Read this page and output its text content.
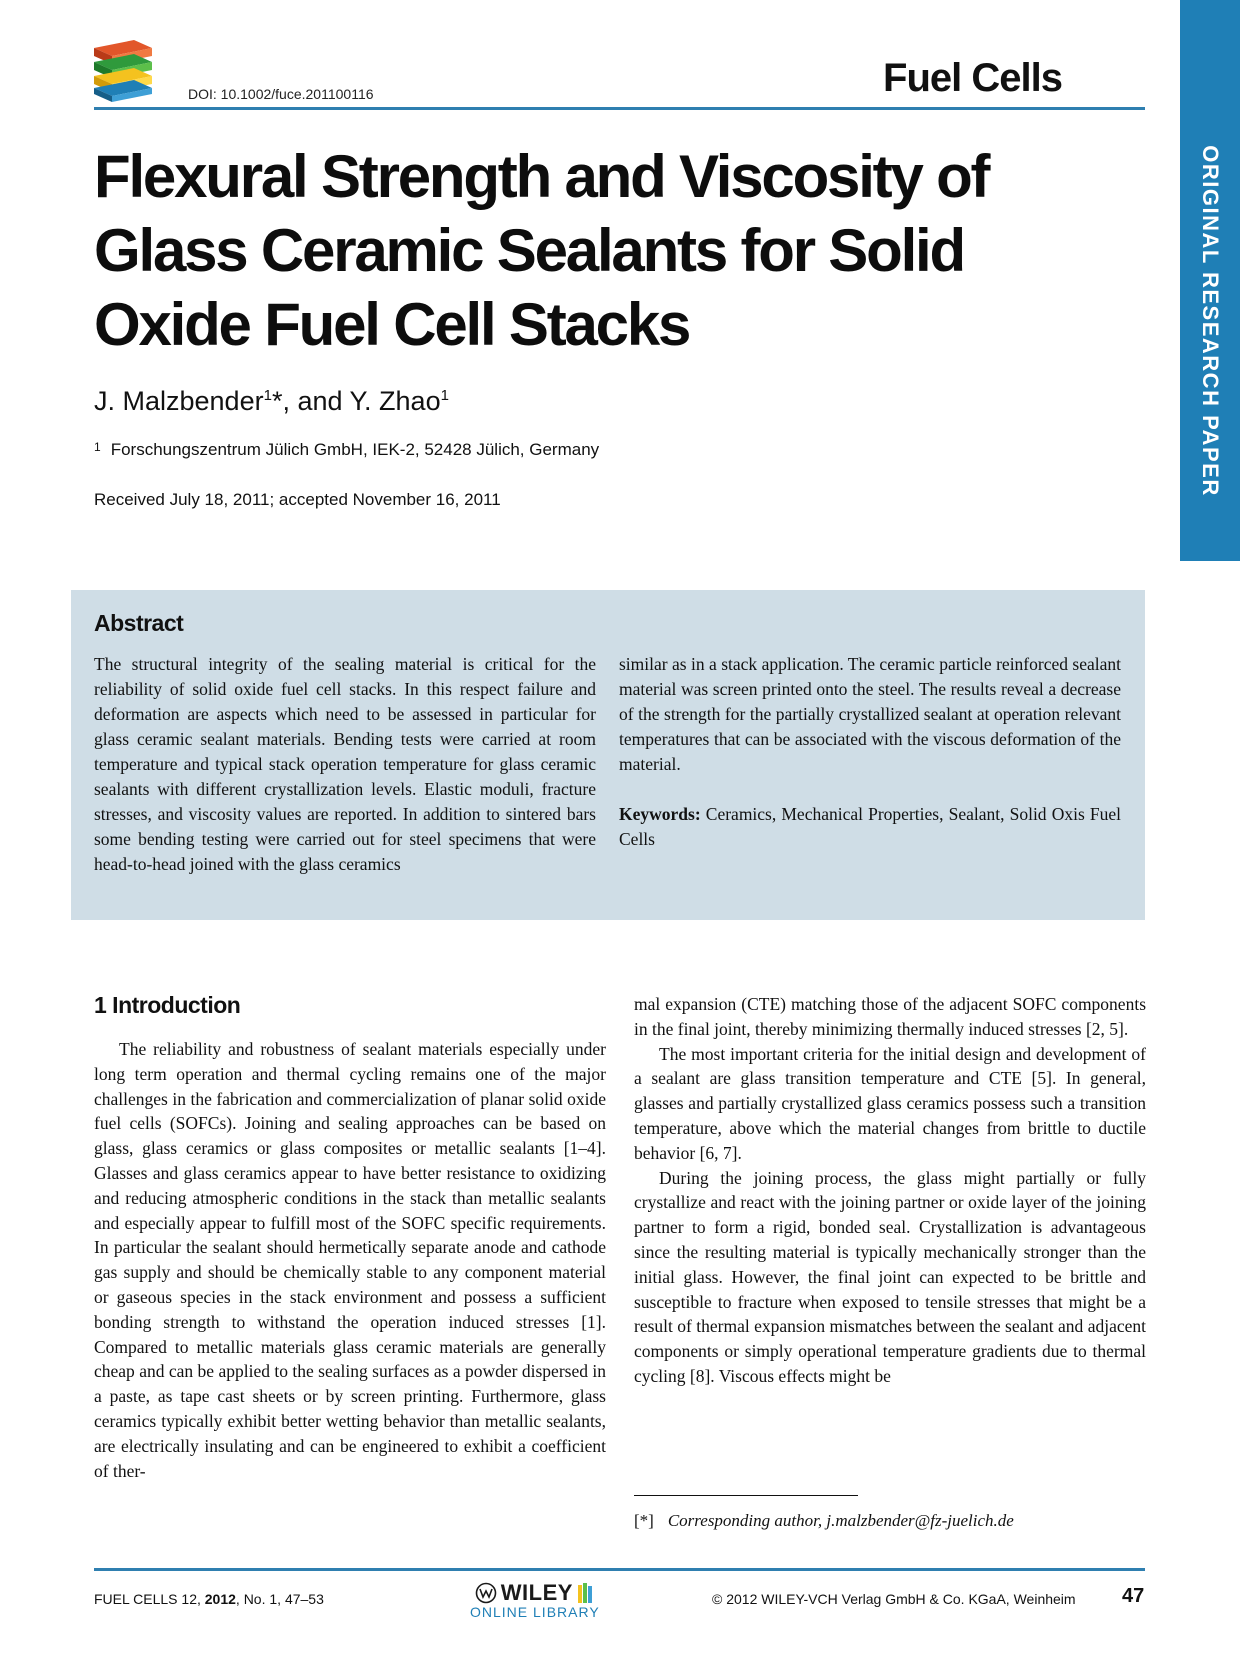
DOI: 10.1002/fuce.201100116	Fuel Cells
ORIGINAL RESEARCH PAPER
Flexural Strength and Viscosity of Glass Ceramic Sealants for Solid Oxide Fuel Cell Stacks
J. Malzbender$^1$*, and Y. Zhao$^1$
$^1$ Forschungszentrum Jülich GmbH, IEK-2, 52428 Jülich, Germany
Received July 18, 2011; accepted November 16, 2011
Abstract
The structural integrity of the sealing material is critical for the reliability of solid oxide fuel cell stacks. In this respect failure and deformation are aspects which need to be assessed in particular for glass ceramic sealant materials. Bending tests were carried at room temperature and typical stack operation temperature for glass ceramic sealants with different crystallization levels. Elastic moduli, fracture stresses, and viscosity values are reported. In addition to sintered bars some bending testing were carried out for steel specimens that were head-to-head joined with the glass ceramics
similar as in a stack application. The ceramic particle reinforced sealant material was screen printed onto the steel. The results reveal a decrease of the strength for the partially crystallized sealant at operation relevant temperatures that can be associated with the viscous deformation of the material.
Keywords: Ceramics, Mechanical Properties, Sealant, Solid Oxis Fuel Cells
1 Introduction

The reliability and robustness of sealant materials especially under long term operation and thermal cycling remains one of the major challenges in the fabrication and commercialization of planar solid oxide fuel cells (SOFCs). Joining and sealing approaches can be based on glass, glass ceramics or glass composites or metallic sealants [1–4]. Glasses and glass ceramics appear to have better resistance to oxidizing and reducing atmospheric conditions in the stack than metallic sealants and especially appear to fulfill most of the SOFC specific requirements. In particular the sealant should hermetically separate anode and cathode gas supply and should be chemically stable to any component material or gaseous species in the stack environment and possess a sufficient bonding strength to withstand the operation induced stresses [1]. Compared to metallic materials glass ceramic materials are generally cheap and can be applied to the sealing surfaces as a powder dispersed in a paste, as tape cast sheets or by screen printing. Furthermore, glass ceramics typically exhibit better wetting behavior than metallic sealants, are electrically insulating and can be engineered to exhibit a coefficient of ther-

mal expansion (CTE) matching those of the adjacent SOFC components in the final joint, thereby minimizing thermally induced stresses [2, 5].

The most important criteria for the initial design and development of a sealant are glass transition temperature and CTE [5]. In general, glasses and partially crystallized glass ceramics possess such a transition temperature, above which the material changes from brittle to ductile behavior [6, 7].

During the joining process, the glass might partially or fully crystallize and react with the joining partner or oxide layer of the joining partner to form a rigid, bonded seal. Crystallization is advantageous since the resulting material is typically mechanically stronger than the initial glass. However, the final joint can expected to be brittle and susceptible to fracture when exposed to tensile stresses that might be a result of thermal expansion mismatches between the sealant and adjacent components or simply operational temperature gradients due to thermal cycling [8]. Viscous effects might be

[*] Corresponding author, j.malzbender@fz-juelich.de
FUEL CELLS 12, 2012, No. 1, 47–53	WILEY
ONLINE LIBRARY
© 2012 WILEY-VCH Verlag GmbH & Co. KGaA, Weinheim 47
